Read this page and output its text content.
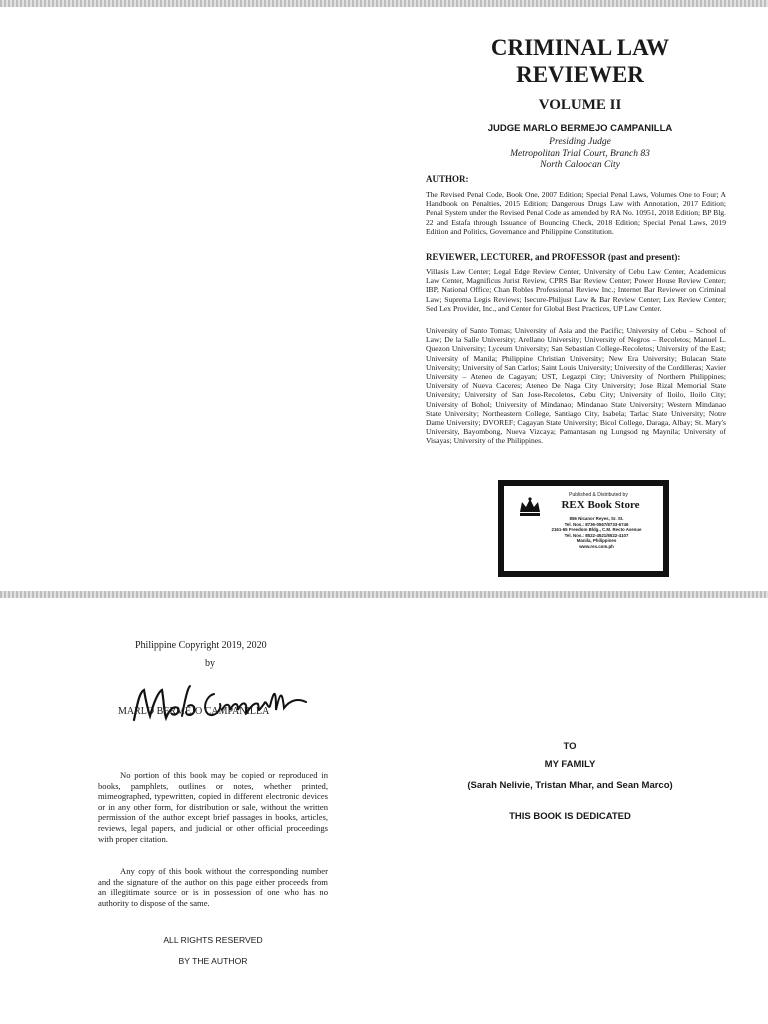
CRIMINAL LAW
REVIEWER
VOLUME II
JUDGE MARLO BERMEJO CAMPANILLA
Presiding Judge
Metropolitan Trial Court, Branch 83
North Caloocan City
AUTHOR:

The Revised Penal Code, Book One, 2007 Edition; Special Penal Laws, Volumes One to Four; A Handbook on Penalties, 2015 Edition; Dangerous Drugs Law with Annotation, 2017 Edition; Penal System under the Revised Penal Code as amended by RA No. 10951, 2018 Edition; BP Blg. 22 and Estafa through Issuance of Bouncing Check, 2018 Edition; Special Penal Laws, 2019 Edition and Politics, Governance and Philippine Constitution.

REVIEWER, LECTURER, and PROFESSOR (past and present):

Villasis Law Center; Legal Edge Review Center, University of Cebu Law Center, Academicus Law Center, Magnificus Jurist Review, CPRS Bar Review Center; Power House Review Center; IBP, National Office; Chan Robles Professional Review Inc.; Internet Bar Reviewer on Criminal Law; Suprema Legis Reviews; Isecure-Philjust Law & Bar Review Center; Lex Review Center; Sed Lex Provider, Inc., and Center for Global Best Practices, UP Law Center.

University of Santo Tomas; University of Asia and the Pacific; University of Cebu – School of Law; De la Salle University; Arellano University; University of Negros – Recoletos; Manuel L. Quezon University; Lyceum University; San Sebastian College-Recoletos; University of the East; University of Manila; Philippine Christian University; New Era University; Bulacan State University; University of San Carlos; Saint Louis University; University of the Cordilleras; Xavier University – Ateneo de Cagayan; UST, Legazpi City; University of Northern Philippines; University of Nueva Caceres; Ateneo De Naga City University; Jose Rizal Memorial State University; University of San Jose-Recoletos, Cebu City; University of Iloilo, Iloilo City; University of Bohol; University of Mindanao; Mindanao State University; Western Mindanao State University; Northeastern College, Santiago City, Isabela; Tarlac State University; Notre Dame University; DVOREF; Cagayan State University; Bicol College, Daraga, Albay; St. Mary's University, Bayombong, Nueva Vizcaya; Pamantasan ng Lungsod ng Maynila; University of Visayas; University of the Philippines.

Published & Distributed by
REX Book Store
856 Nicanor Reyes, Sr. St.
Tel. Nos.: 8736-0567/8733-6746
2161-65 Freedom Bldg., C.M. Recto Avenue
Tel. Nos.: 8522-4521/8522-4107
Manila, Philippines
www.rex.com.ph
Philippine Copyright 2019, 2020
by
MARLO BERMEJO CAMPANILLA

No portion of this book may be copied or reproduced in books, pamphlets, outlines or notes, whether printed, mimeographed, typewritten, copied in different electronic devices or in any other form, for distribution or sale, without the written permission of the author except brief passages in books, articles, reviews, legal papers, and judicial or other official proceedings with proper citation.

Any copy of this book without the corresponding number and the signature of the author on this page either proceeds from an illegitimate source or is in possession of one who has no authority to dispose of the same.

ALL RIGHTS RESERVED
BY THE AUTHOR
TO
MY FAMILY
(Sarah Nelivie, Tristan Mhar, and Sean Marco)
THIS BOOK IS DEDICATED
